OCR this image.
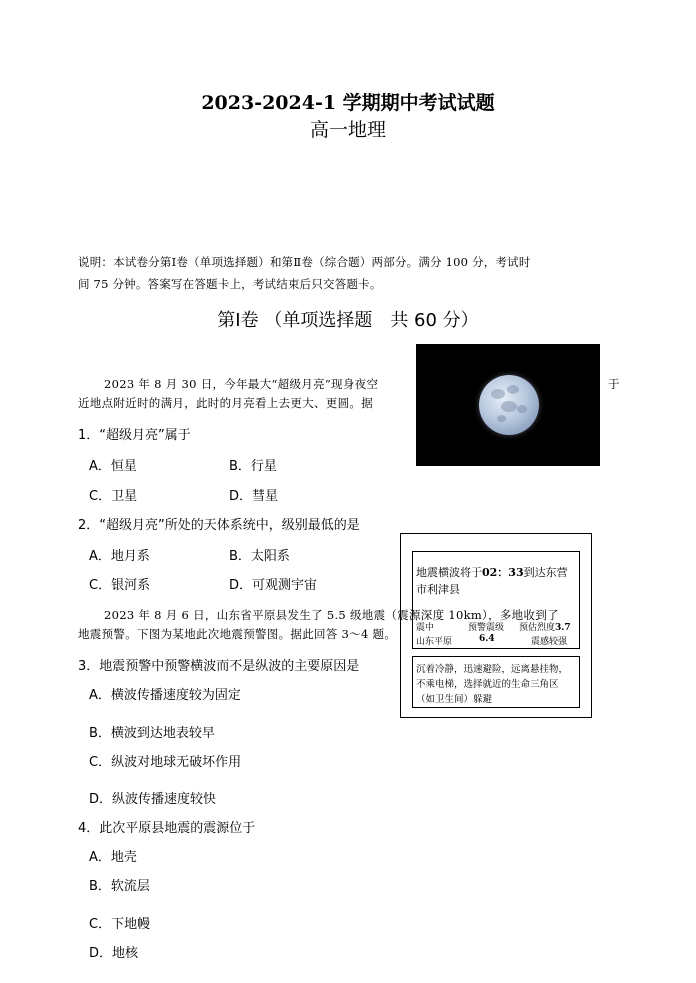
2023-2024-1 学期期中考试试题
高一地理
说明：本试卷分第Ⅰ卷（单项选择题）和第Ⅱ卷（综合题）两部分。满分 100 分，考试时
间 75 分钟。答案写在答题卡上，考试结束后只交答题卡。
第Ⅰ卷 （单项选择题　共 60 分）
2023 年 8 月 30 日，今年最大“超级月亮”现身夜空	于
近地点附近时的满月，此时的月亮看上去更大、更圆。据
1．“超级月亮”属于
A．恒星	B．行星
C．卫星	D．彗星
2．“超级月亮”所处的天体系统中，级别最低的是
A．地月系	B．太阳系
C．银河系	D．可观测宇宙
地震横波将于02：33到达东营
市利津县
震中
山东平原
预警震级
6.4
预估烈度3.7
震感较强
沉着冷静，迅速避险，远离悬挂物，
不乘电梯，选择就近的生命三角区
（如卫生间）躲避
2023 年 8 月 6 日，山东省平原县发生了 5.5 级地震（震源深度 10km），多地收到了
地震预警。下图为某地此次地震预警图。据此回答 3～4 题。
3．地震预警中预警横波而不是纵波的主要原因是
A．横波传播速度较为固定
B．横波到达地表较早
C．纵波对地球无破坏作用
D．纵波传播速度较快
4．此次平原县地震的震源位于
A．地壳
B．软流层
C．下地幔
D．地核
